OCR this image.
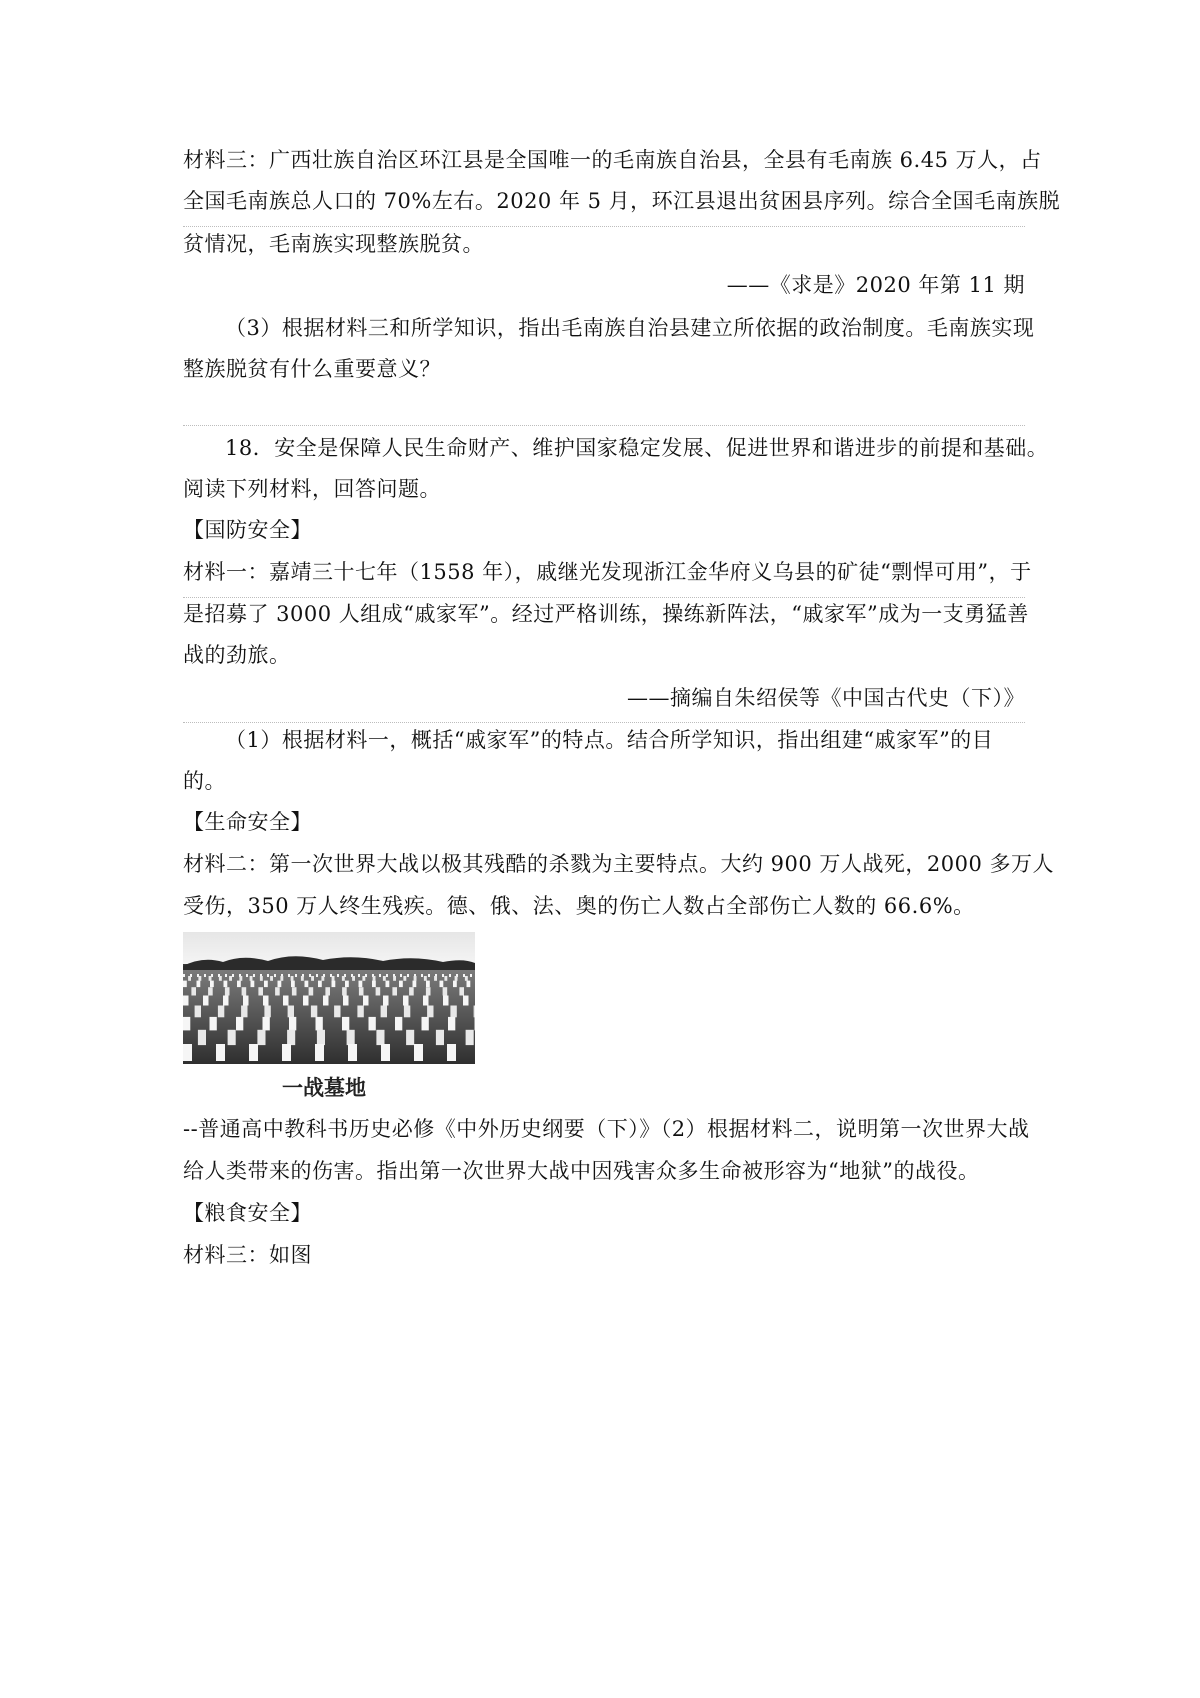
材料三：广西壮族自治区环江县是全国唯一的毛南族自治县，全县有毛南族 6.45 万人，占
全国毛南族总人口的 70%左右。2020 年 5 月，环江县退出贫困县序列。综合全国毛南族脱
贫情况，毛南族实现整族脱贫。
——《求是》2020 年第 11 期
（3）根据材料三和所学知识，指出毛南族自治县建立所依据的政治制度。毛南族实现
整族脱贫有什么重要意义？
18．安全是保障人民生命财产、维护国家稳定发展、促进世界和谐进步的前提和基础。
阅读下列材料，回答问题。
【国防安全】
材料一：嘉靖三十七年（1558 年），戚继光发现浙江金华府义乌县的矿徒“剽悍可用”，于
是招募了 3000 人组成“戚家军”。经过严格训练，操练新阵法，“戚家军”成为一支勇猛善
战的劲旅。
——摘编自朱绍侯等《中国古代史（下）》
（1）根据材料一，概括“戚家军”的特点。结合所学知识，指出组建“戚家军”的目
的。
【生命安全】
材料二：第一次世界大战以极其残酷的杀戮为主要特点。大约 900 万人战死，2000 多万人
受伤，350 万人终生残疾。德、俄、法、奥的伤亡人数占全部伤亡人数的 66.6%。
一战墓地
--普通高中教科书历史必修《中外历史纲要（下）》（2）根据材料二，说明第一次世界大战
给人类带来的伤害。指出第一次世界大战中因残害众多生命被形容为“地狱”的战役。
【粮食安全】
材料三：如图
